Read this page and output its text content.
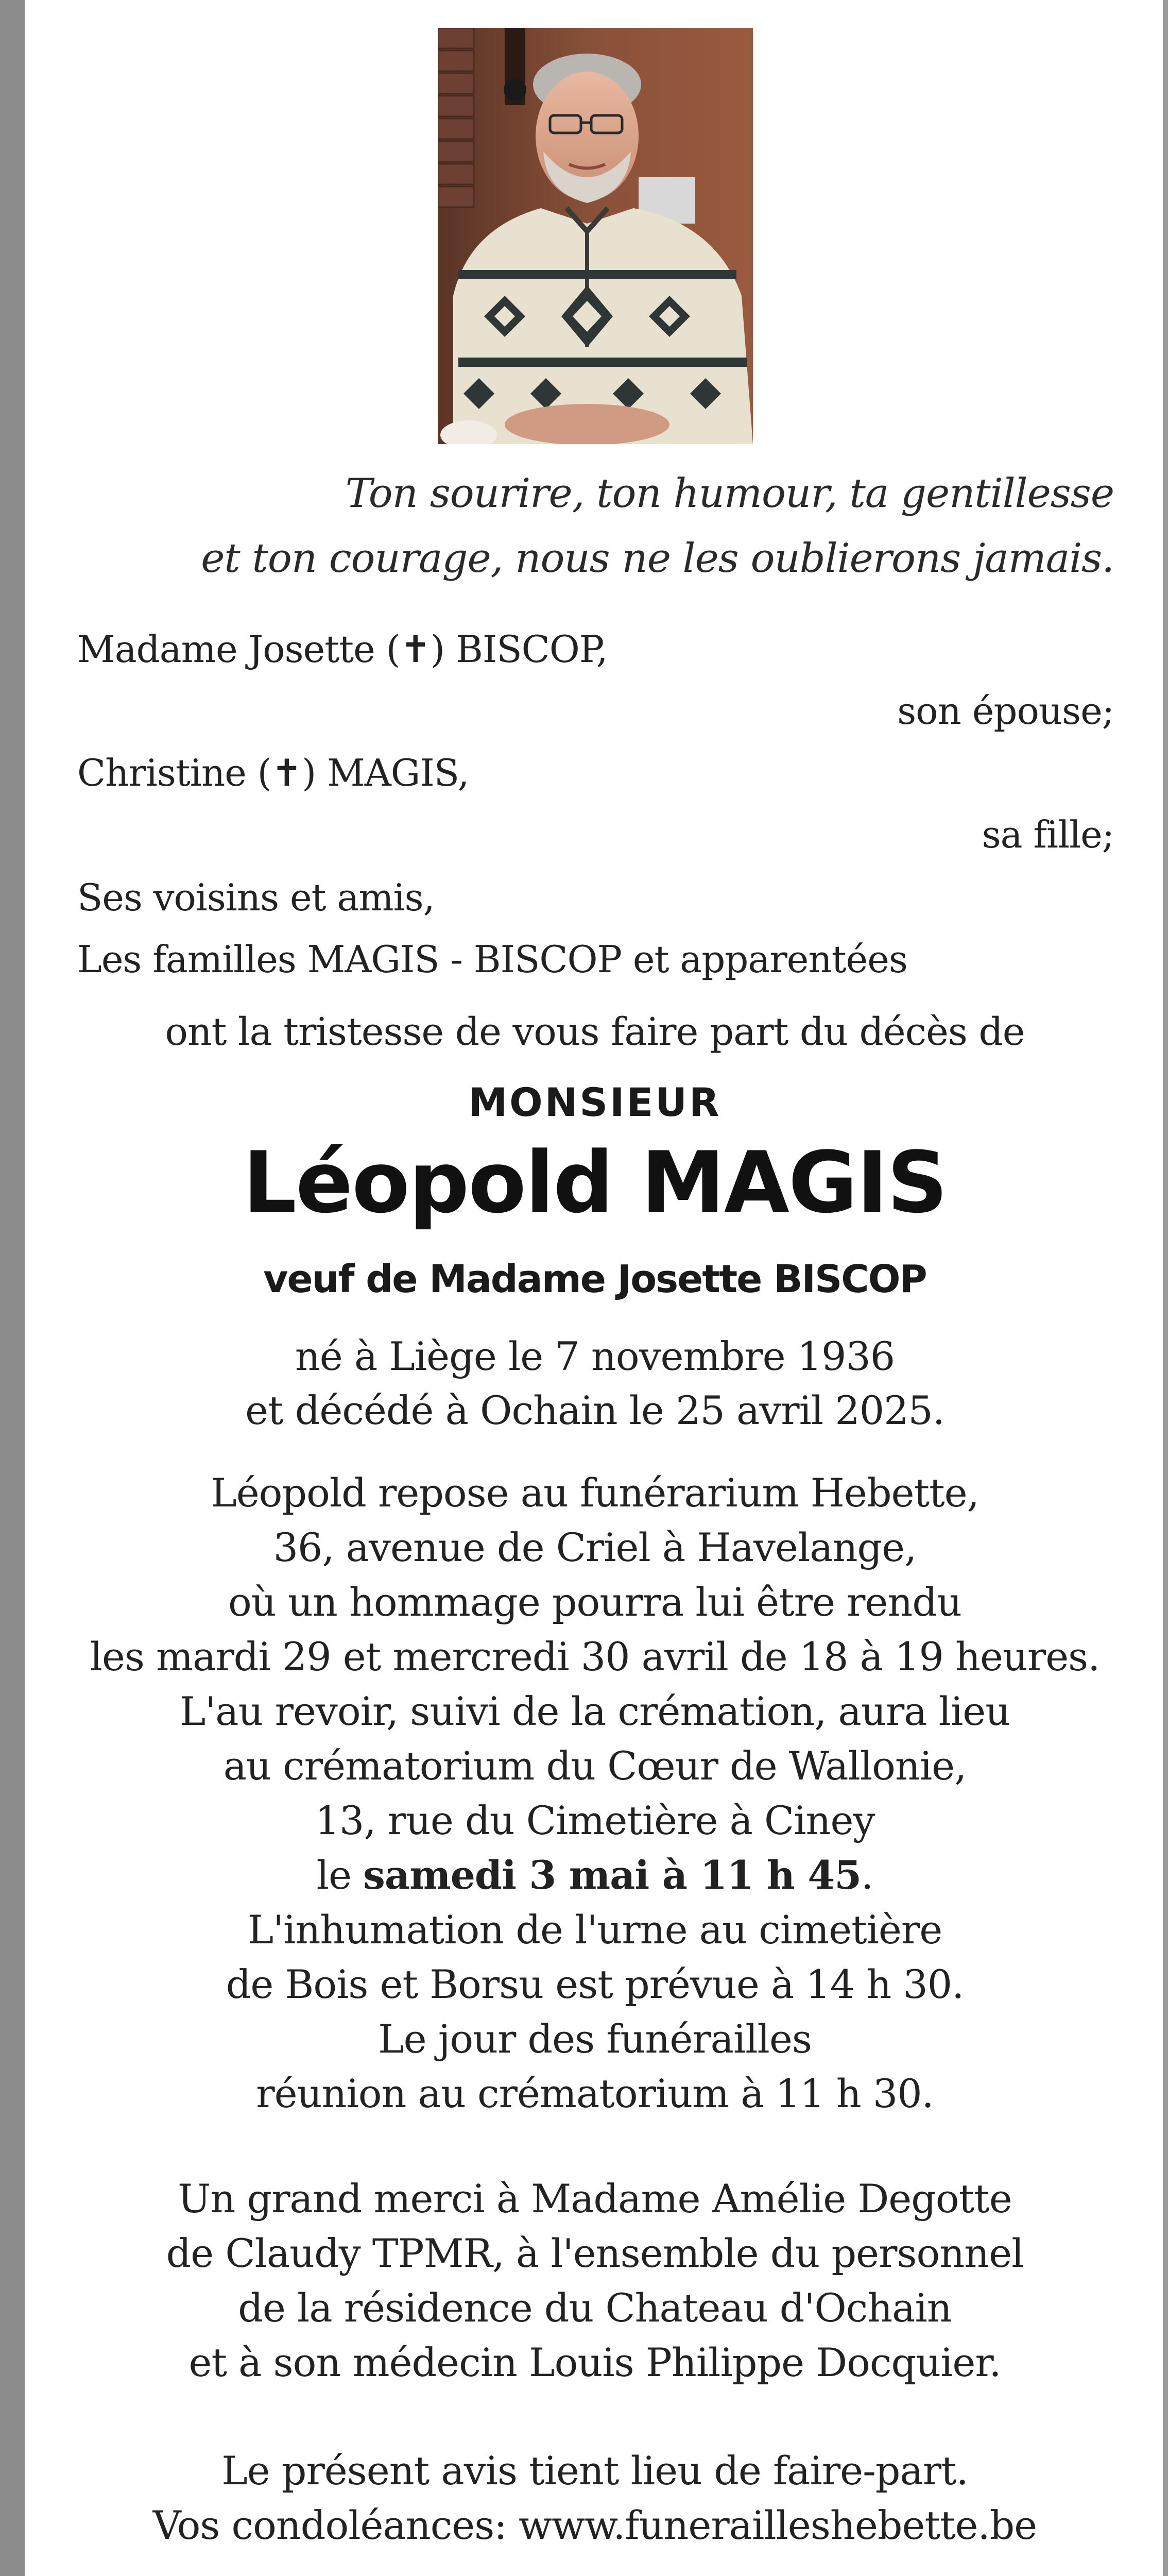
Ton sourire, ton humour, ta gentillesse
et ton courage, nous ne les oublierons jamais.
Madame Josette (✝) BISCOP,
son épouse;
Christine (✝) MAGIS,
sa fille;
Ses voisins et amis,
Les familles MAGIS - BISCOP et apparentées
ont la tristesse de vous faire part du décès de
MONSIEUR
Léopold MAGIS
veuf de Madame Josette BISCOP
né à Liège le 7 novembre 1936
et décédé à Ochain le 25 avril 2025.
Léopold repose au funérarium Hebette,
36, avenue de Criel à Havelange,
où un hommage pourra lui être rendu
les mardi 29 et mercredi 30 avril de 18 à 19 heures.
L'au revoir, suivi de la crémation, aura lieu
au crématorium du Cœur de Wallonie,
13, rue du Cimetière à Ciney
le samedi 3 mai à 11 h 45.
L'inhumation de l'urne au cimetière
de Bois et Borsu est prévue à 14 h 30.
Le jour des funérailles
réunion au crématorium à 11 h 30.
Un grand merci à Madame Amélie Degotte
de Claudy TPMR, à l'ensemble du personnel
de la résidence du Chateau d'Ochain
et à son médecin Louis Philippe Docquier.
Le présent avis tient lieu de faire-part.
Vos condoléances: www.funerailleshebette.be
